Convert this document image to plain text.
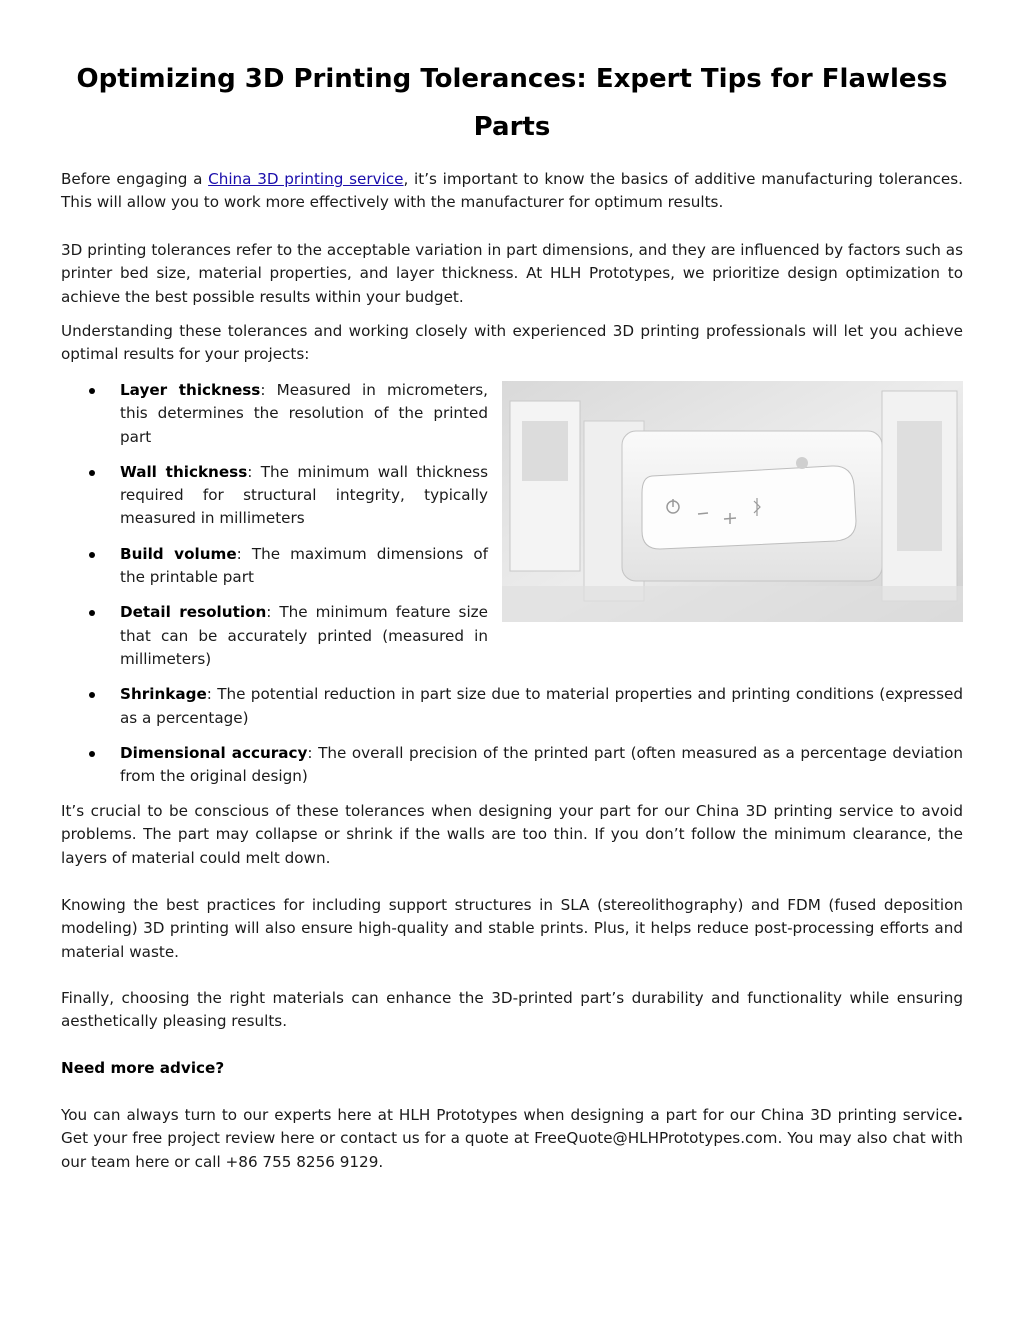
Optimizing 3D Printing Tolerances: Expert Tips for Flawless Parts

Before engaging a China 3D printing service, it’s important to know the basics of additive manufacturing tolerances. This will allow you to work more effectively with the manufacturer for optimum results.

3D printing tolerances refer to the acceptable variation in part dimensions, and they are influenced by factors such as printer bed size, material properties, and layer thickness. At HLH Prototypes, we prioritize design optimization to achieve the best possible results within your budget.

Understanding these tolerances and working closely with experienced 3D printing professionals will let you achieve optimal results for your projects:

Layer thickness: Measured in micrometers, this determines the resolution of the printed part
Wall thickness: The minimum wall thickness required for structural integrity, typically measured in millimeters
Build volume: The maximum dimensions of the printable part
Detail resolution: The minimum feature size that can be accurately printed (measured in millimeters)
Shrinkage: The potential reduction in part size due to material properties and printing conditions (expressed as a percentage)
Dimensional accuracy: The overall precision of the printed part (often measured as a percentage deviation from the original design)

It’s crucial to be conscious of these tolerances when designing your part for our China 3D printing service to avoid problems. The part may collapse or shrink if the walls are too thin. If you don’t follow the minimum clearance, the layers of material could melt down.

Knowing the best practices for including support structures in SLA (stereolithography) and FDM (fused deposition modeling) 3D printing will also ensure high-quality and stable prints. Plus, it helps reduce post-processing efforts and material waste.

Finally, choosing the right materials can enhance the 3D-printed part’s durability and functionality while ensuring aesthetically pleasing results.

Need more advice?

You can always turn to our experts here at HLH Prototypes when designing a part for our China 3D printing service. Get your free project review here or contact us for a quote at FreeQuote@HLHPrototypes.com. You may also chat with our team here or call +86 755 8256 9129.
